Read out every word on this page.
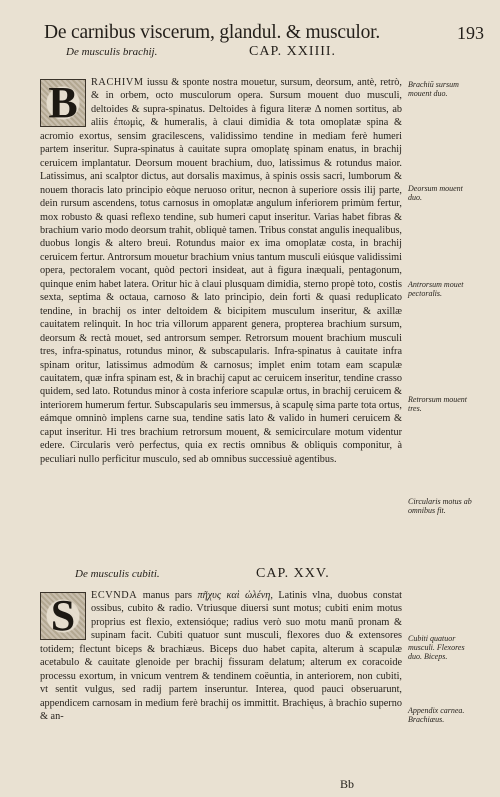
De carnibus viscerum, glandul. & musculor.	193
De musculis brachij.	CAP. XXIIII.

B	RACHIVM iussu & sponte nostra mouetur, sursum, deorsum, antè, retrò, & in orbem, octo musculorum opera. Sursum mouent duo musculi, deltoides & supra-spinatus. Deltoides à figura literæ Δ nomen sortitus, ab aliis ἐπωμὶς, & humeralis, à claui dimidia & tota omoplatæ spina & acromio exortus, sensim gracilescens, validissimo tendine in mediam ferè humeri partem inseritur. Supra-spinatus à cauitate supra omoplatę spinam enatus, in brachij ceruicem implantatur. Deorsum mouent brachium, duo, latissimus & rotundus maior. Latissimus, ani scalptor dictus, aut dorsalis maximus, à spinis ossis sacri, lumborum & nouem thoracis lato principio eòque neruoso oritur, necnon à superiore ossis ilij parte, dein rursum ascendens, totus carnosus in omoplatæ angulum inferiorem primùm fertur, mox robusto & quasi reflexo tendine, sub humeri caput inseritur. Varias habet fibras & brachium vario modo deorsum trahit, obliquè tamen. Tribus constat angulis inequalibus, duobus longis & altero breui. Rotundus maior ex ima omoplatæ costa, in brachij ceruicem fertur. Antrorsum mouetur brachium vnius tantum musculi eiúsque validissimi opera, pectoralem vocant, quòd pectori insideat, aut à figura inæquali, pentagonum, quinque enim habet latera. Oritur hic à claui plusquam dimidia, sterno propè toto, costis sexta, septima & octaua, carnoso & lato principio, dein forti & quasi reduplicato tendine, in brachij os inter deltoidem & bicipitem musculum inseritur, & axillæ cauitatem relinquit. In hoc tria villorum apparent genera, propterea brachium sursum, deorsum & rectà mouet, sed antrorsum semper. Retrorsum mouent brachium musculi tres, infra-spinatus, rotundus minor, & subscapularis. Infra-spinatus à cauitate infra spinam oritur, latissimus admodùm & carnosus; implet enim totam eam scapulæ cauitatem, quæ infra spinam est, & in brachij caput ac ceruicem inseritur, tendine crasso quidem, sed lato. Rotundus minor à costa inferiore scapulæ ortus, in brachij ceruicem & interiorem humerum fertur. Subscapularis seu immersus, à scapulę sima parte tota ortus, eámque omninò implens carne sua, tendine satis lato & valido in humeri ceruicem & caput inseritur. Hi tres brachium retrorsum mouent, & semicirculare motum videntur edere. Circularis verò perfectus, quia ex rectis omnibus & obliquis componitur, à peculiari nullo perficitur musculo, sed ab omnibus successiuè agentibus.

Brachiū sursum mouent duo.
Deorsum mouent duo.
Antrorsum mouet pectoralis.
Retrorsum mouent tres.
Circularis motus ab omnibus fit.
De musculis cubiti.	CAP. XXV.

S	ECVNDA manus pars πῆχυς καὶ ὠλένη, Latinis vlna, duobus constat ossibus, cubito & radio. Vtriusque diuersi sunt motus; cubiti enim motus proprius est flexio, extensióque; radius verò suo motu manū pronam & supinam facit. Cubiti quatuor sunt musculi, flexores duo & extensores totidem; flectunt biceps & brachiæus. Biceps duo habet capita, alterum à scapulæ acetabulo & cauitate glenoide per brachij fissuram delatum; alterum ex coracoide processu exortum, in vnicum ventrem & tendinem coëuntia, in anteriorem, non cubiti, vt sentit vulgus, sed radij partem inseruntur. Interea, quod pauci obseruarunt, appendicem carnosam in medium ferè brachij os immittit. Brachięus, à brachio superno & an-

Cubiti quatuor musculi. Flexores duo. Biceps.
Appendix carnea. Brachiæus.
Bb
